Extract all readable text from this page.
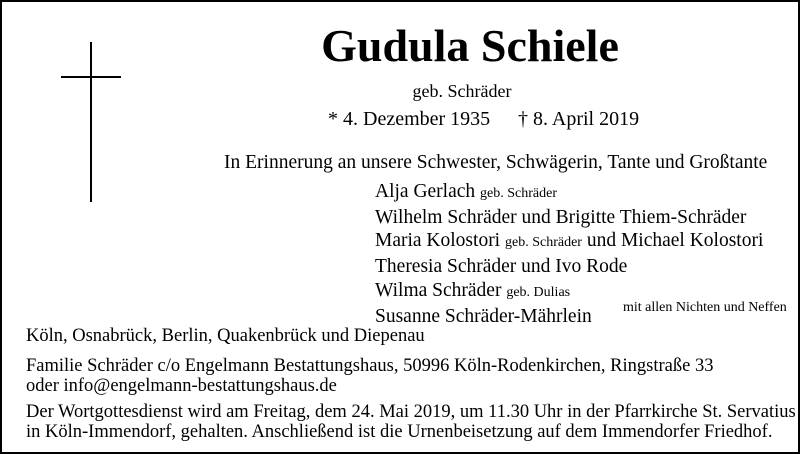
Gudula Schiele
geb. Schräder
* 4. Dezember 1935 † 8. April 2019
In Erinnerung an unsere Schwester, Schwägerin, Tante und Großtante
Alja Gerlach geb. Schräder
Wilhelm Schräder und Brigitte Thiem-Schräder
Maria Kolostori geb. Schräder und Michael Kolostori
Theresia Schräder und Ivo Rode
Wilma Schräder geb. Dulias
Susanne Schräder-Mährlein	mit allen Nichten und Neffen
Köln, Osnabrück, Berlin, Quakenbrück und Diepenau
Familie Schräder c/o Engelmann Bestattungshaus, 50996 Köln-Rodenkirchen, Ringstraße 33
oder info@engelmann-bestattungshaus.de
Der Wortgottesdienst wird am Freitag, dem 24. Mai 2019, um 11.30 Uhr in der Pfarrkirche St. Servatius
in Köln-Immendorf, gehalten. Anschließend ist die Urnenbeisetzung auf dem Immendorfer Friedhof.
